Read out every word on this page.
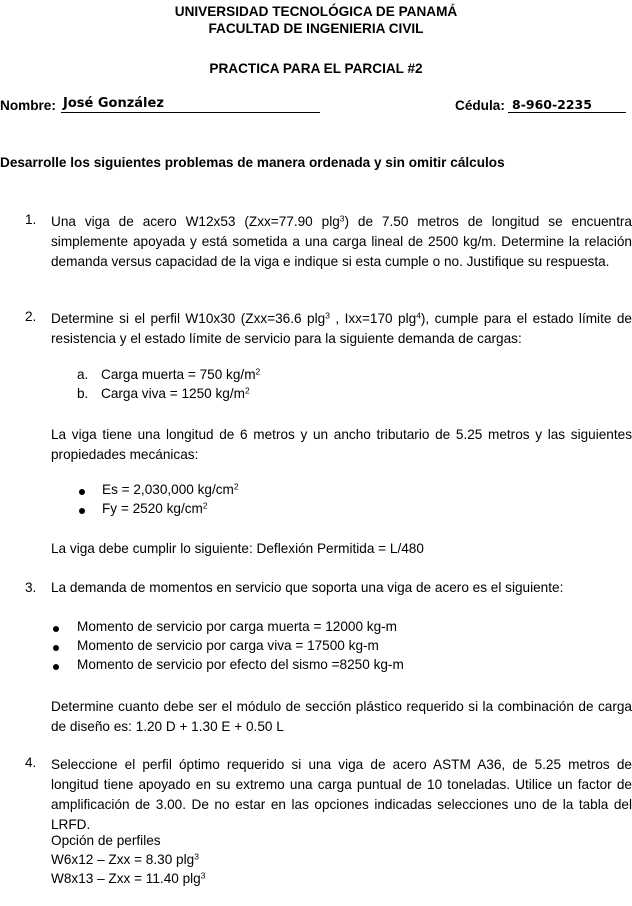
UNIVERSIDAD TECNOLÓGICA DE PANAMÁ
FACULTAD DE INGENIERIA CIVIL
PRACTICA PARA EL PARCIAL #2
Nombre: José González	Cédula: 8-960-2235
Desarrolle los siguientes problemas de manera ordenada y sin omitir cálculos
1. Una viga de acero W12x53 (Zxx=77.90 plg$^3$) de 7.50 metros de longitud se encuentra simplemente apoyada y está sometida a una carga lineal de 2500 kg/m. Determine la relación demanda versus capacidad de la viga e indique si esta cumple o no. Justifique su respuesta.
2. Determine si el perfil W10x30 (Zxx=36.6 plg$^3$ , Ixx=170 plg$^4$), cumple para el estado límite de resistencia y el estado límite de servicio para la siguiente demanda de cargas:
a. Carga muerta = 750 $kg/m^2$
b. Carga viva = 1250 $kg/m^2$
La viga tiene una longitud de 6 metros y un ancho tributario de 5.25 metros y las siguientes propiedades mecánicas:
Es = 2,030,000 $kg/cm^2$
Fy = 2520 $kg/cm^2$
La viga debe cumplir lo siguiente: Deflexión Permitida = L/480
3. La demanda de momentos en servicio que soporta una viga de acero es el siguiente:
Momento de servicio por carga muerta = 12000 kg-m
Momento de servicio por carga viva = 17500 kg-m
Momento de servicio por efecto del sismo =8250 kg-m
Determine cuanto debe ser el módulo de sección plástico requerido si la combinación de carga de diseño es: 1.20 D + 1.30 E + 0.50 L
4. Seleccione el perfil óptimo requerido si una viga de acero ASTM A36, de 5.25 metros de longitud tiene apoyado en su extremo una carga puntual de 10 toneladas. Utilice un factor de amplificación de 3.00. De no estar en las opciones indicadas selecciones uno de la tabla del LRFD.
Opción de perfiles
W6x12 – Zxx = 8.30 plg$^3$
W8x13 – Zxx = 11.40 plg$^3$
